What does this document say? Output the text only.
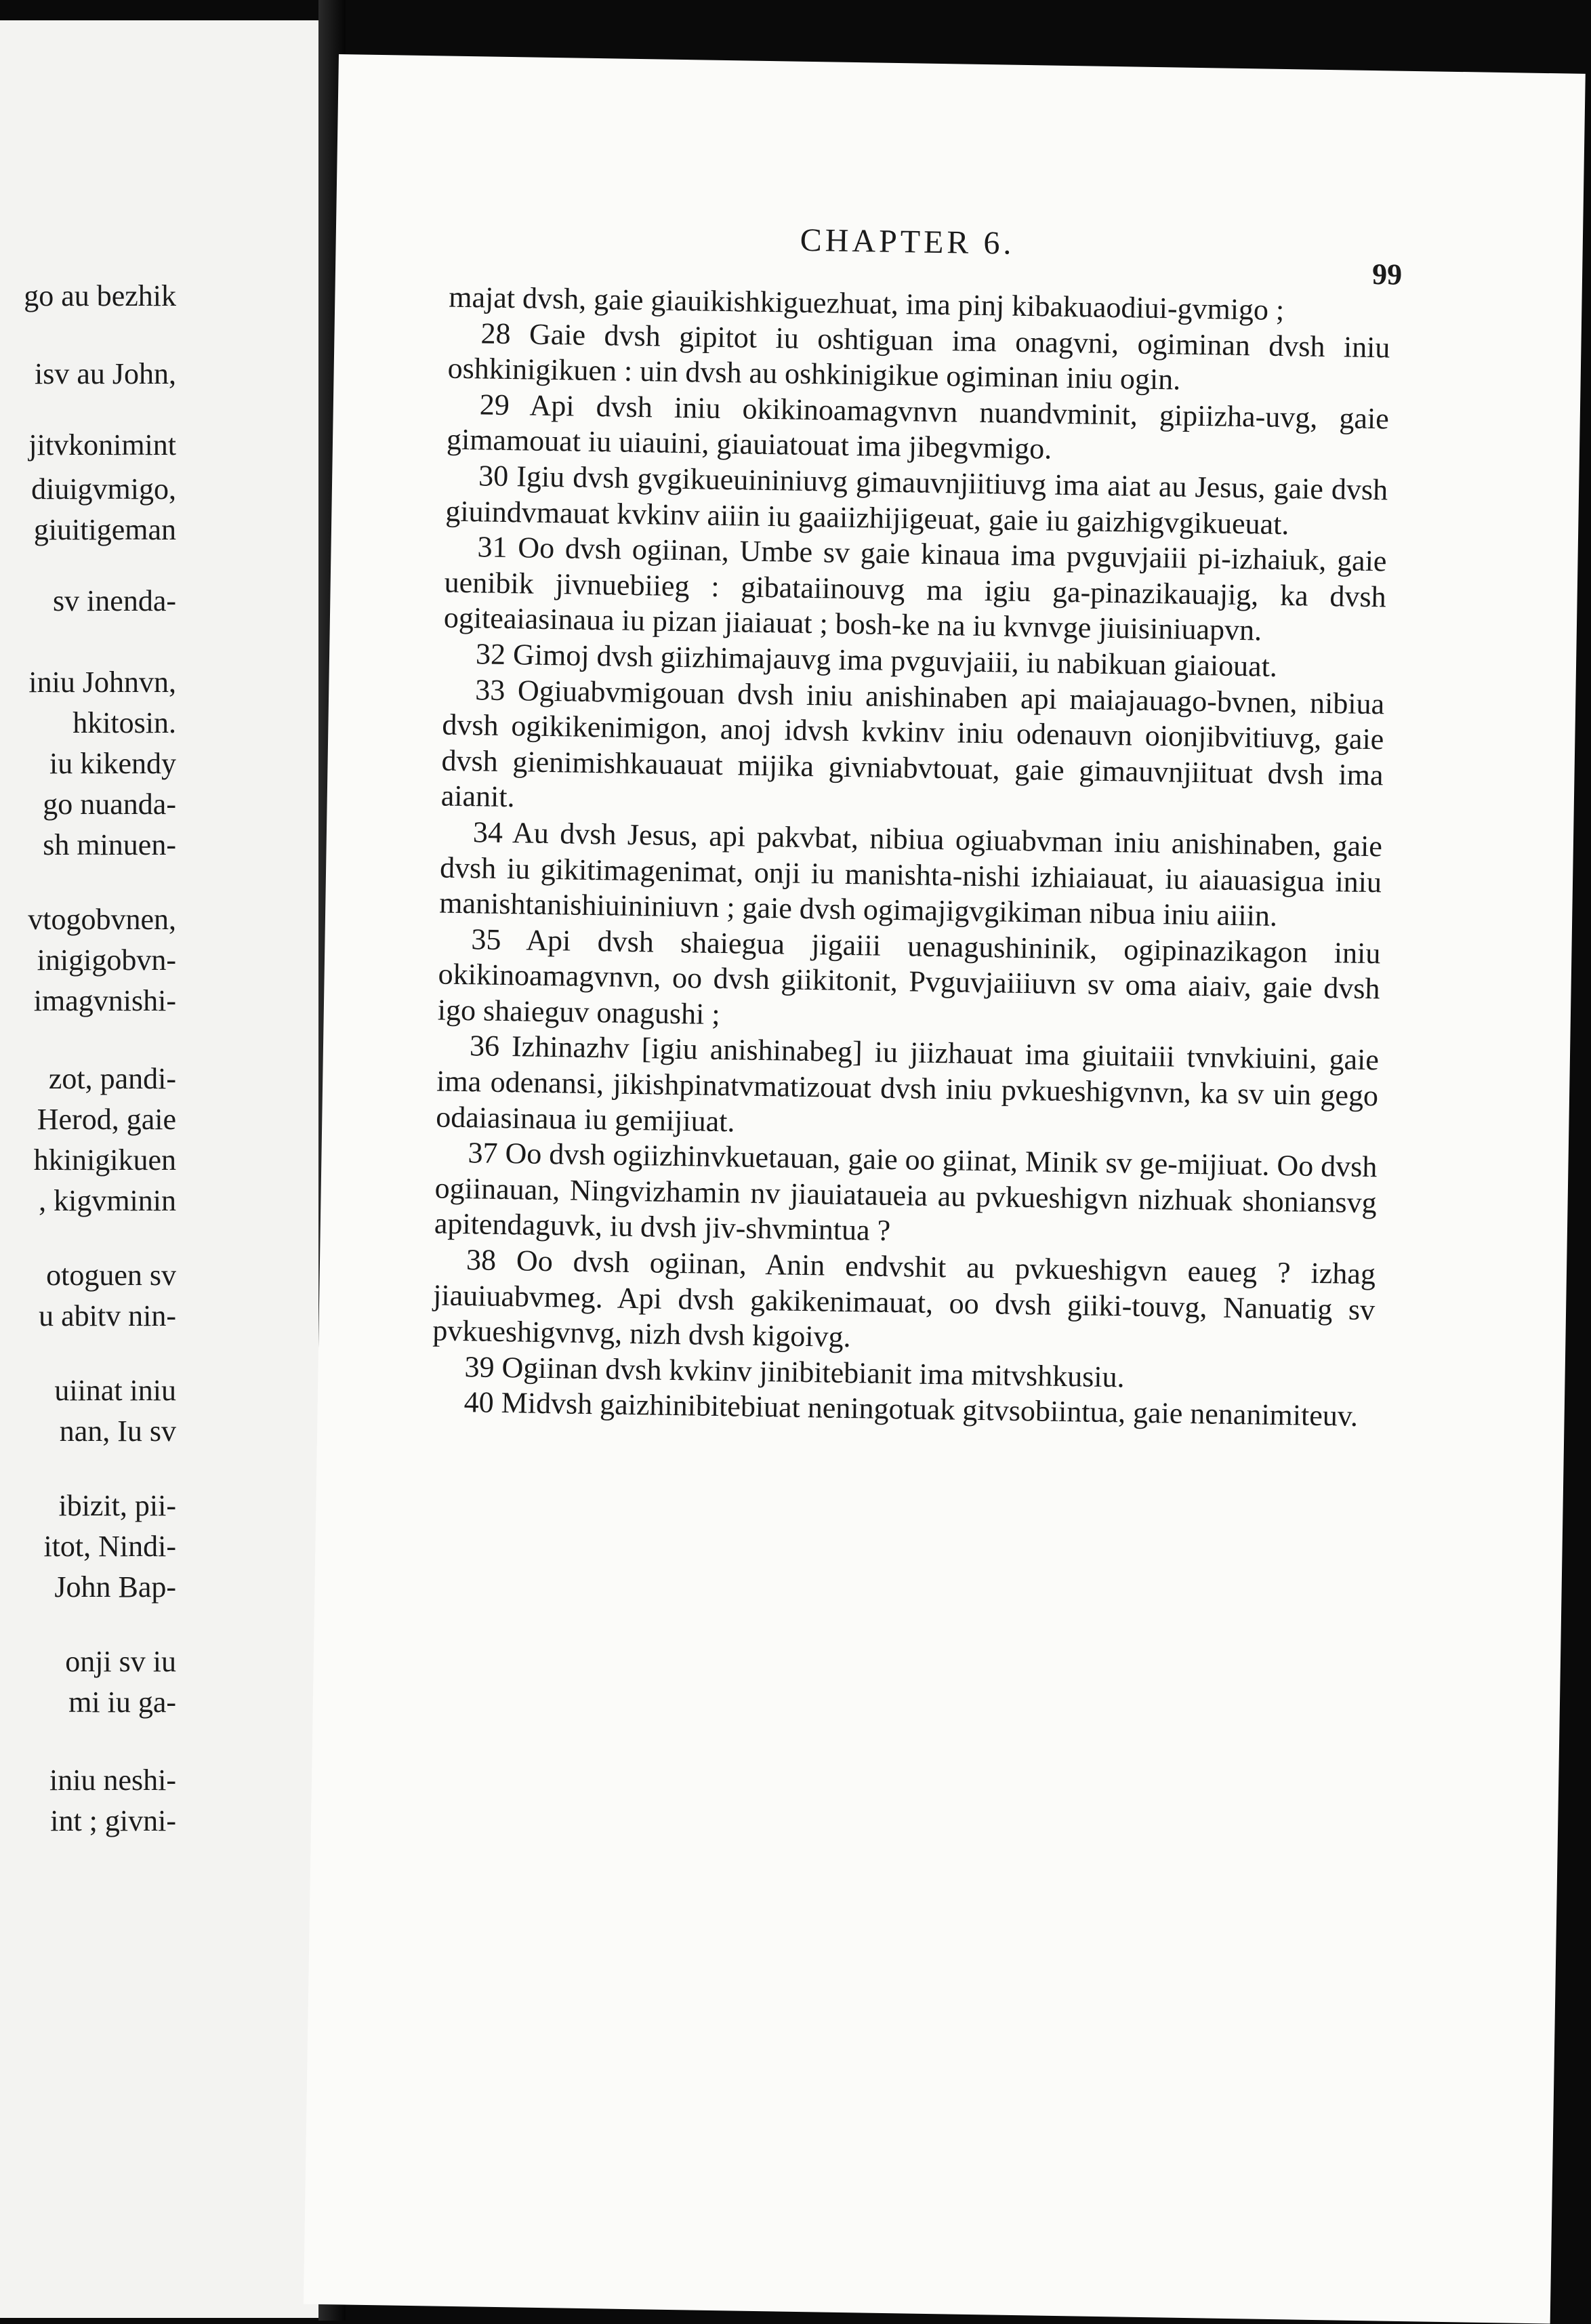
go au bezhik
isv au John,
jitvkonimint
diuigvmigo,
giuitigeman
sv inenda-
iniu Johnvn,
hkitosin.
iu kikendy
go nuanda-
sh minuen-
vtogobvnen,
inigigobvn-
imagvnishi-
zot, pandi-
Herod, gaie
hkinigikuen
, kigvminin
otoguen sv
u abitv nin-
uiinat iniu
nan, Iu sv
ibizit, pii-
itot, Nindi-
John Bap-
onji sv iu
mi iu ga-
iniu neshi-
int ; givni-
CHAPTER 6.
99

majat dvsh, gaie giauikishkiguezhuat, ima pinj kibakuaodiui-gvmigo ;

28 Gaie dvsh gipitot iu oshtiguan ima onagvni, ogiminan dvsh iniu oshkinigikuen : uin dvsh au oshkinigikue ogiminan iniu ogin.

29 Api dvsh iniu okikinoamagvnvn nuandvminit, gipiizha-uvg, gaie gimamouat iu uiauini, giauiatouat ima jibegvmigo.

30 Igiu dvsh gvgikueuininiuvg gimauvnjiitiuvg ima aiat au Jesus, gaie dvsh giuindvmauat kvkinv aiiin iu gaaiizhijigeuat, gaie iu gaizhigvgikueuat.

31 Oo dvsh ogiinan, Umbe sv gaie kinaua ima pvguvjaiii pi-izhaiuk, gaie uenibik jivnuebiieg : gibataiinouvg ma igiu ga-pinazikauajig, ka dvsh ogiteaiasinaua iu pizan jiaiauat ; bosh-ke na iu kvnvge jiuisiniuapvn.

32 Gimoj dvsh giizhimajauvg ima pvguvjaiii, iu nabikuan giaiouat.

33 Ogiuabvmigouan dvsh iniu anishinaben api maiajauago-bvnen, nibiua dvsh ogikikenimigon, anoj idvsh kvkinv iniu odenauvn oionjibvitiuvg, gaie dvsh gienimishkauauat mijika givniabvtouat, gaie gimauvnjiituat dvsh ima aianit.

34 Au dvsh Jesus, api pakvbat, nibiua ogiuabvman iniu anishinaben, gaie dvsh iu gikitimagenimat, onji iu manishta-nishi izhiaiauat, iu aiauasigua iniu manishtanishiuininiuvn ; gaie dvsh ogimajigvgikiman nibua iniu aiiin.

35 Api dvsh shaiegua jigaiii uenagushininik, ogipinazikagon iniu okikinoamagvnvn, oo dvsh giikitonit, Pvguvjaiiiuvn sv oma aiaiv, gaie dvsh igo shaieguv onagushi ;

36 Izhinazhv [igiu anishinabeg] iu jiizhauat ima giuitaiii tvnvkiuini, gaie ima odenansi, jikishpinatvmatizouat dvsh iniu pvkueshigvnvn, ka sv uin gego odaiasinaua iu gemijiuat.

37 Oo dvsh ogiizhinvkuetauan, gaie oo giinat, Minik sv ge-mijiuat. Oo dvsh ogiinauan, Ningvizhamin nv jiauiataueia au pvkueshigvn nizhuak shoniansvg apitendaguvk, iu dvsh jiv-shvmintua ?

38 Oo dvsh ogiinan, Anin endvshit au pvkueshigvn eaueg ? izhag jiauiuabvmeg. Api dvsh gakikenimauat, oo dvsh giiki-touvg, Nanuatig sv pvkueshigvnvg, nizh dvsh kigoivg.

39 Ogiinan dvsh kvkinv jinibitebianit ima mitvshkusiu.

40 Midvsh gaizhinibitebiuat neningotuak gitvsobiintua, gaie nenanimiteuv.
